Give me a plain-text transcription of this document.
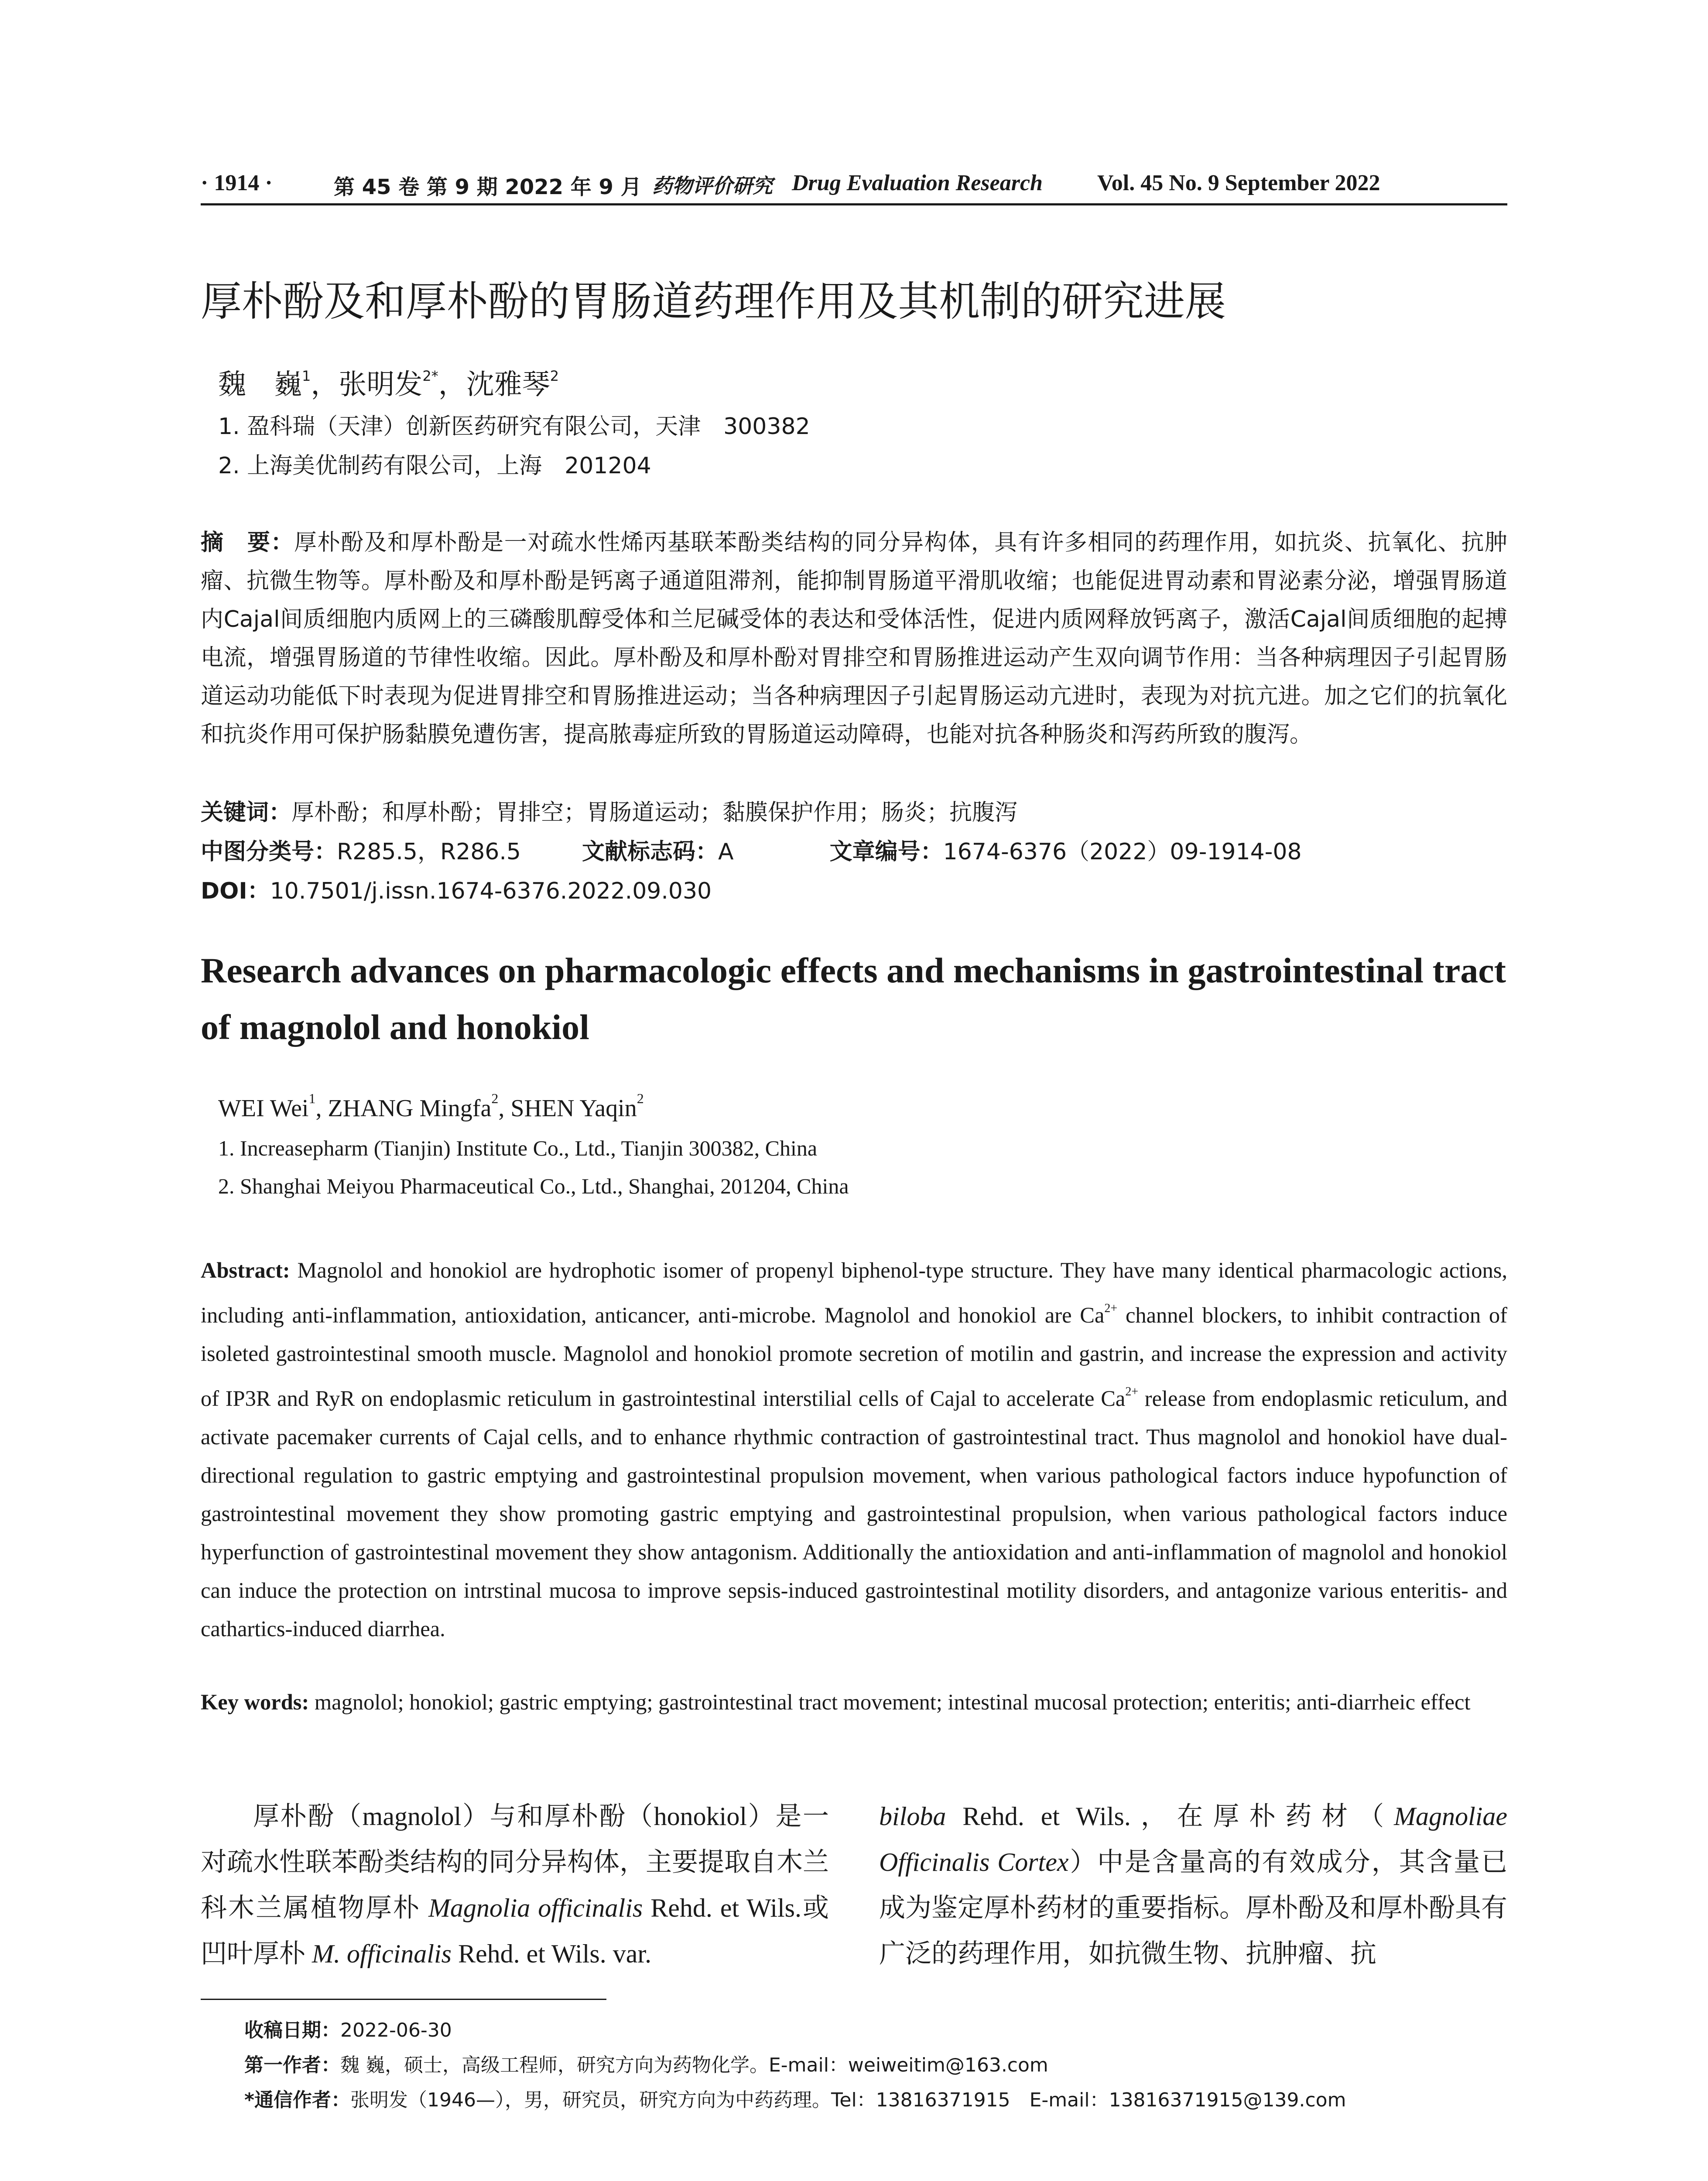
· 1914 ·	第 45 卷 第 9 期 2022 年 9 月 药物评价研究 Drug Evaluation Research Vol. 45 No. 9 September 2022
厚朴酚及和厚朴酚的胃肠道药理作用及其机制的研究进展
魏　巍$^1$，张明发$^{2*}$，沈雅琴$^2$
1. 盈科瑞（天津）创新医药研究有限公司，天津　300382
2. 上海美优制药有限公司，上海　201204
摘　要：厚朴酚及和厚朴酚是一对疏水性烯丙基联苯酚类结构的同分异构体，具有许多相同的药理作用，如抗炎、抗氧化、抗肿瘤、抗微生物等。厚朴酚及和厚朴酚是钙离子通道阻滞剂，能抑制胃肠道平滑肌收缩；也能促进胃动素和胃泌素分泌，增强胃肠道内Cajal间质细胞内质网上的三磷酸肌醇受体和兰尼碱受体的表达和受体活性，促进内质网释放钙离子，激活Cajal间质细胞的起搏电流，增强胃肠道的节律性收缩。因此。厚朴酚及和厚朴酚对胃排空和胃肠推进运动产生双向调节作用：当各种病理因子引起胃肠道运动功能低下时表现为促进胃排空和胃肠推进运动；当各种病理因子引起胃肠运动亢进时，表现为对抗亢进。加之它们的抗氧化和抗炎作用可保护肠黏膜免遭伤害，提高脓毒症所致的胃肠道运动障碍，也能对抗各种肠炎和泻药所致的腹泻。
关键词：厚朴酚；和厚朴酚；胃排空；胃肠道运动；黏膜保护作用；肠炎；抗腹泻
中图分类号：R285.5，R286.5	文献标志码：A	文章编号：1674-6376（2022）09-1914-08
DOI：10.7501/j.issn.1674-6376.2022.09.030
Research advances on pharmacologic effects and mechanisms in gastrointestinal tract of magnolol and honokiol
WEI Wei$^1$, ZHANG Mingfa$^2$, SHEN Yaqin$^2$
1. Increasepharm (Tianjin) Institute Co., Ltd., Tianjin 300382, China
2. Shanghai Meiyou Pharmaceutical Co., Ltd., Shanghai, 201204, China
Abstract: Magnolol and honokiol are hydrophotic isomer of propenyl biphenol-type structure. They have many identical pharmacologic actions, including anti-inflammation, antioxidation, anticancer, anti-microbe. Magnolol and honokiol are $Ca^{2+}$ channel blockers, to inhibit contraction of isoleted gastrointestinal smooth muscle. Magnolol and honokiol promote secretion of motilin and gastrin, and increase the expression and activity of IP3R and RyR on endoplasmic reticulum in gastrointestinal interstilial cells of Cajal to accelerate $Ca^{2+}$ release from endoplasmic reticulum, and activate pacemaker currents of Cajal cells, and to enhance rhythmic contraction of gastrointestinal tract. Thus magnolol and honokiol have dual-directional regulation to gastric emptying and gastrointestinal propulsion movement, when various pathological factors induce hypofunction of gastrointestinal movement they show promoting gastric emptying and gastrointestinal propulsion, when various pathological factors induce hyperfunction of gastrointestinal movement they show antagonism. Additionally the antioxidation and anti-inflammation of magnolol and honokiol can induce the protection on intrstinal mucosa to improve sepsis-induced gastrointestinal motility disorders, and antagonize various enteritis- and cathartics-induced diarrhea.
Key words: magnolol; honokiol; gastric emptying; gastrointestinal tract movement; intestinal mucosal protection; enteritis; anti-diarrheic effect
厚朴酚（magnolol）与和厚朴酚（honokiol）是一对疏水性联苯酚类结构的同分异构体，主要提取自木兰科木兰属植物厚朴 Magnolia officinalis Rehd. et Wils.或凹叶厚朴 M. officinalis Rehd. et Wils. var.
biloba Rehd. et Wils.，在厚朴药材（Magnoliae Officinalis Cortex）中是含量高的有效成分，其含量已成为鉴定厚朴药材的重要指标。厚朴酚及和厚朴酚具有广泛的药理作用，如抗微生物、抗肿瘤、抗
收稿日期：2022-06-30
第一作者：魏 巍，硕士，高级工程师，研究方向为药物化学。E-mail：weiweitim@163.com
*通信作者：张明发（1946—），男，研究员，研究方向为中药药理。Tel：13816371915　E-mail：13816371915@139.com
